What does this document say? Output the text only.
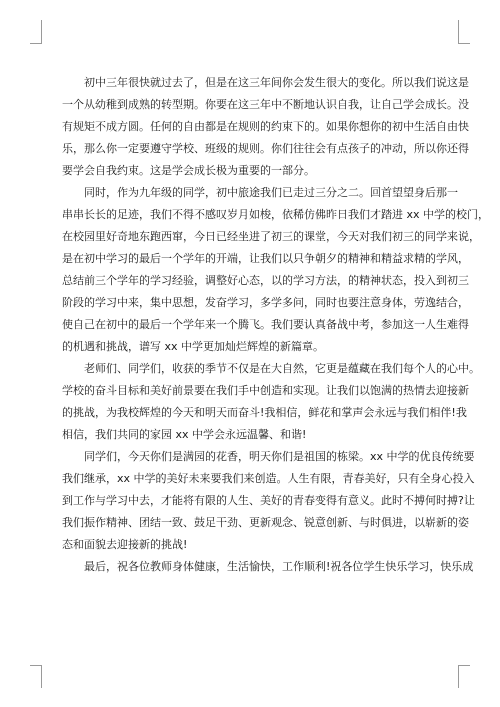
初中三年很快就过去了，但是在这三年间你会发生很大的变化。所以我们说这是
一个从幼稚到成熟的转型期。你要在这三年中不断地认识自我，让自己学会成长。没
有规矩不成方圆。任何的自由都是在规则的约束下的。如果你想你的初中生活自由快
乐，那么你一定要遵守学校、班级的规则。你们往往会有点孩子的冲动，所以你还得
要学会自我约束。这是学会成长极为重要的一部分。
同时，作为九年级的同学，初中旅途我们已走过三分之二。回首望望身后那一
串串长长的足迹，我们不得不感叹岁月如梭，依稀仿佛昨日我们才踏进 xx 中学的校门，
在校园里好奇地东跑西窜，今日已经坐进了初三的课堂，今天对我们初三的同学来说，
是在初中学习的最后一个学年的开端，让我们以只争朝夕的精神和精益求精的学风，
总结前三个学年的学习经验，调整好心态，以的学习方法，的精神状态，投入到初三
阶段的学习中来，集中思想，发奋学习，多学多问，同时也要注意身体，劳逸结合，
使自己在初中的最后一个学年来一个腾飞。我们要认真备战中考，参加这一人生难得
的机遇和挑战，谱写 xx 中学更加灿烂辉煌的新篇章。
老师们、同学们，收获的季节不仅是在大自然，它更是蕴藏在我们每个人的心中。
学校的奋斗目标和美好前景要在我们手中创造和实现。让我们以饱满的热情去迎接新
的挑战，为我校辉煌的今天和明天而奋斗!我相信，鲜花和掌声会永远与我们相伴!我
相信，我们共同的家园 xx 中学会永远温馨、和谐!
同学们，今天你们是满园的花香，明天你们是祖国的栋梁。xx 中学的优良传统要
我们继承，xx 中学的美好未来要我们来创造。人生有限，青春美好，只有全身心投入
到工作与学习中去，才能将有限的人生、美好的青春变得有意义。此时不搏何时搏?让
我们振作精神、团结一致、鼓足干劲、更新观念、锐意创新、与时俱进，以崭新的姿
态和面貌去迎接新的挑战!
最后，祝各位教师身体健康，生活愉快，工作顺利!祝各位学生快乐学习，快乐成
